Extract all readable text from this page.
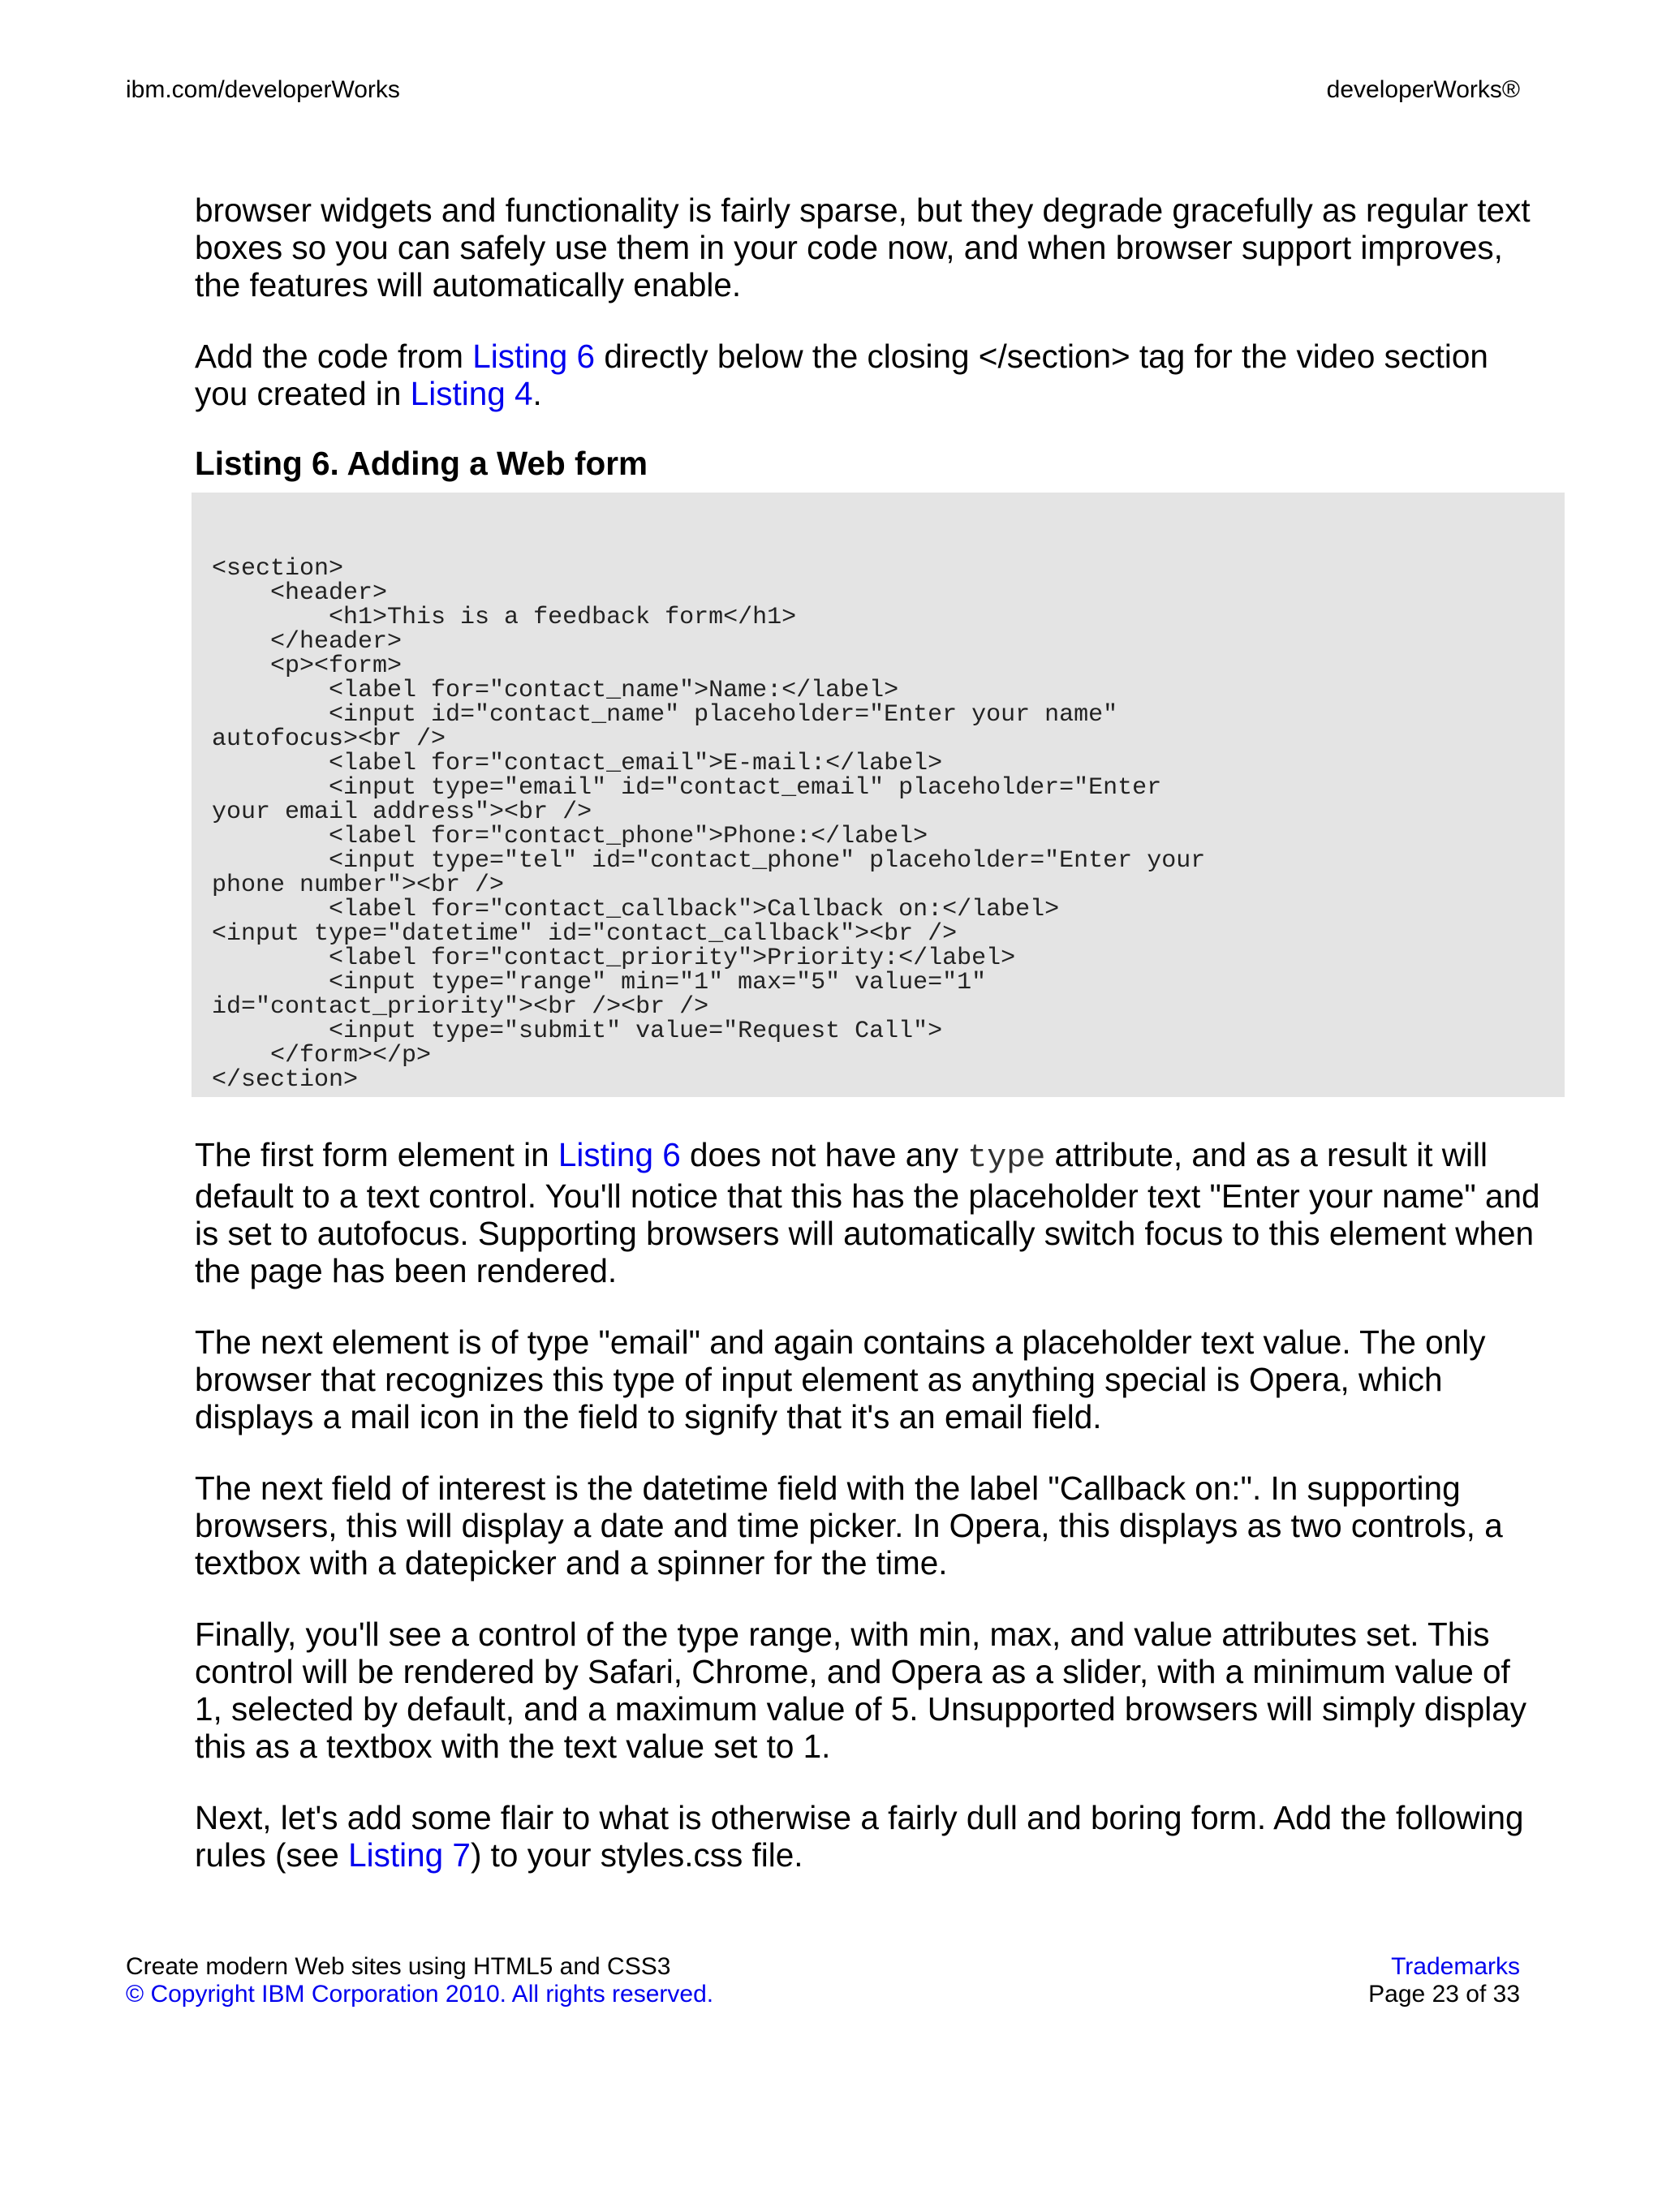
ibm.com/developerWorks	developerWorks®

browser widgets and functionality is fairly sparse, but they degrade gracefully as regular text boxes so you can safely use them in your code now, and when browser support improves, the features will automatically enable.

Add the code from Listing 6 directly below the closing </section> tag for the video section you created in Listing 4.

Listing 6. Adding a Web form
<section>
<header>
<h1>This is a feedback form</h1>
</header>
<p><form>
<label for="contact_name">Name:</label>
<input id="contact_name" placeholder="Enter your name"
autofocus><br />
<label for="contact_email">E-mail:</label>
<input type="email" id="contact_email" placeholder="Enter
your email address"><br />
<label for="contact_phone">Phone:</label>
<input type="tel" id="contact_phone" placeholder="Enter your
phone number"><br />
<label for="contact_callback">Callback on:</label>
<input type="datetime" id="contact_callback"><br />
<label for="contact_priority">Priority:</label>
<input type="range" min="1" max="5" value="1"
id="contact_priority"><br /><br />
<input type="submit" value="Request Call">
</form></p>
</section>

The first form element in Listing 6 does not have any type attribute, and as a result it will default to a text control. You'll notice that this has the placeholder text "Enter your name" and is set to autofocus. Supporting browsers will automatically switch focus to this element when the page has been rendered.

The next element is of type "email" and again contains a placeholder text value. The only browser that recognizes this type of input element as anything special is Opera, which displays a mail icon in the field to signify that it's an email field.

The next field of interest is the datetime field with the label "Callback on:". In supporting browsers, this will display a date and time picker. In Opera, this displays as two controls, a textbox with a datepicker and a spinner for the time.

Finally, you'll see a control of the type range, with min, max, and value attributes set. This control will be rendered by Safari, Chrome, and Opera as a slider, with a minimum value of 1, selected by default, and a maximum value of 5. Unsupported browsers will simply display this as a textbox with the text value set to 1.

Next, let's add some flair to what is otherwise a fairly dull and boring form. Add the following rules (see Listing 7) to your styles.css file.

Create modern Web sites using HTML5 and CSS3
© Copyright IBM Corporation 2010. All rights reserved.
Trademarks
Page 23 of 33
